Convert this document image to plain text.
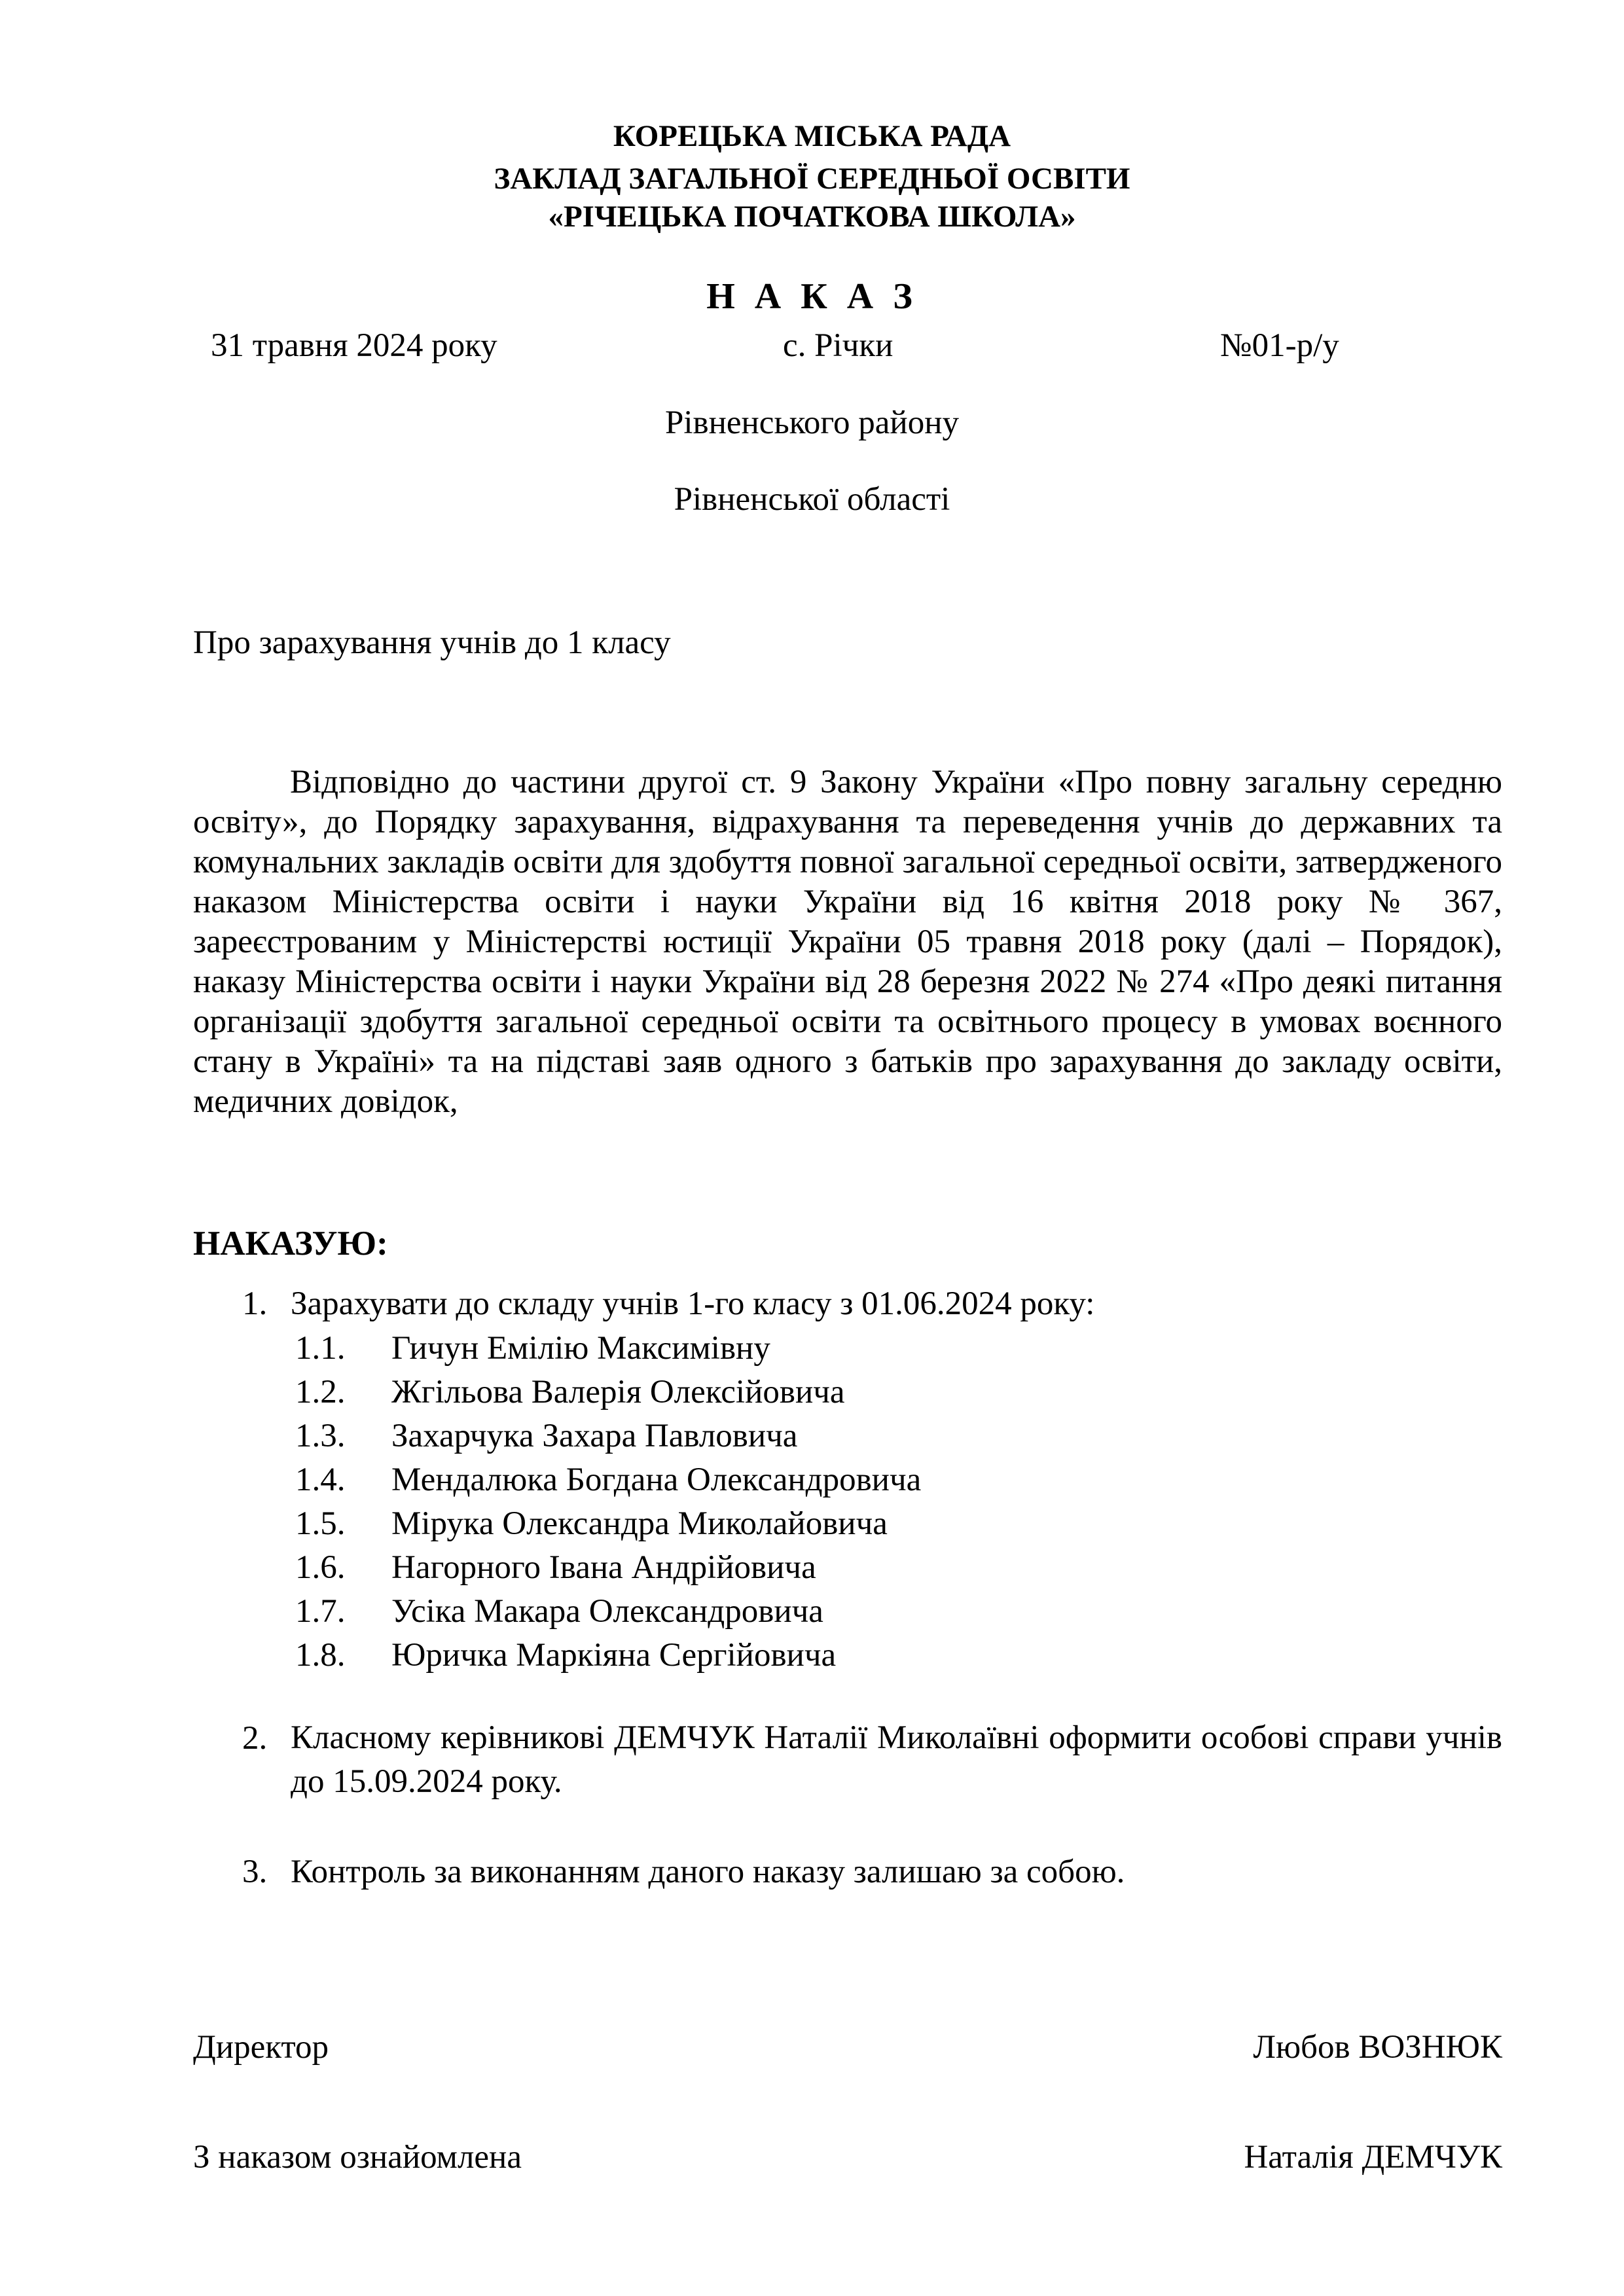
КОРЕЦЬКА МІСЬКА РАДА
ЗАКЛАД ЗАГАЛЬНОЇ СЕРЕДНЬОЇ ОСВІТИ
«РІЧЕЦЬКА ПОЧАТКОВА ШКОЛА»
Н А К А З
31 травня 2024 року	с. Річки	№01-р/у
Рівненського району
Рівненської області
Про зарахування учнів до 1 класу
Відповідно до частини другої ст. 9 Закону України «Про повну загальну середню освіту», до Порядку зарахування, відрахування та переведення учнів до державних та комунальних закладів освіти для здобуття повної загальної середньої освіти, затвердженого наказом Міністерства освіти і науки України від 16 квітня 2018 року № 367, зареєстрованим у Міністерстві юстиції України 05 травня 2018 року (далі – Порядок), наказу Міністерства освіти і науки України від 28 березня 2022 № 274 «Про деякі питання організації здобуття загальної середньої освіти та освітнього процесу в умовах воєнного стану в Україні» та на підставі заяв одного з батьків про зарахування до закладу освіти, медичних довідок,
НАКАЗУЮ:
1. Зарахувати до складу учнів 1-го класу з 01.06.2024 року:
1.1. Гичун Емілію Максимівну
1.2. Жгільова Валерія Олексійовича
1.3. Захарчука Захара Павловича
1.4. Мендалюка Богдана Олександровича
1.5. Мірука Олександра Миколайовича
1.6. Нагорного Івана Андрійовича
1.7. Усіка Макара Олександровича
1.8. Юричка Маркіяна Сергійовича
2. Класному керівникові ДЕМЧУК Наталії Миколаївні оформити особові справи учнів до 15.09.2024 року.
3. Контроль за виконанням даного наказу залишаю за собою.
Директор	Любов ВОЗНЮК
З наказом ознайомлена	Наталія ДЕМЧУК
